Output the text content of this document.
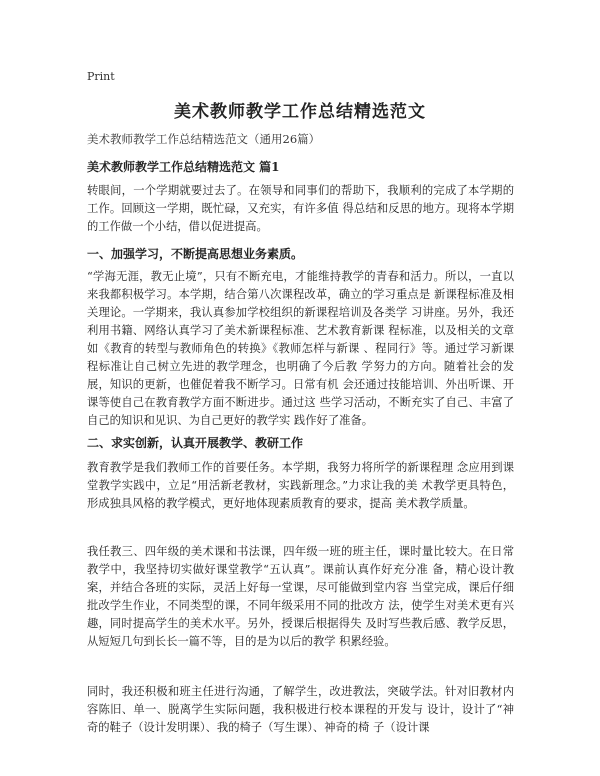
Print
美术教师教学工作总结精选范文
美术教师教学工作总结精选范文（通用26篇）
美术教师教学工作总结精选范文 篇1
转眼间，一个学期就要过去了。在领导和同事们的帮助下，我顺利的完成了本学期的工作。回顾这一学期，既忙碌，又充实，有许多值 得总结和反思的地方。现将本学期的工作做一个小结，借以促进提高。
一、加强学习，不断提高思想业务素质。
“学海无涯，教无止境”，只有不断充电，才能维持教学的青春和活力。所以，一直以来我都积极学习。本学期，结合第八次课程改革，确立的学习重点是 新课程标准及相关理论。一学期来，我认真参加学校组织的新课程培训及各类学 习讲座。另外，我还利用书籍、网络认真学习了美术新课程标准、艺术教育新课 程标准，以及相关的文章如《教育的转型与教师角色的转换》《教师怎样与新课 、程同行》等。通过学习新课程标准让自己树立先进的教学理念，也明确了今后教 学努力的方向。随着社会的发展，知识的更新，也催促着我不断学习。日常有机 会还通过技能培训、外出听课、开课等使自己在教育教学方面不断进步。通过这 些学习活动，不断充实了自己、丰富了自己的知识和见识、为自己更好的教学实 践作好了准备。
二、求实创新，认真开展教学、教研工作
教育教学是我们教师工作的首要任务。本学期，我努力将所学的新课程理 念应用到课堂教学实践中，立足“用活新老教材，实践新理念。”力求让我的美 术教学更具特色，形成独具风格的教学模式，更好地体现素质教育的要求，提高 美术教学质量。
我任教三、四年级的美术课和书法课，四年级一班的班主任，课时量比较大。在日常教学中，我坚持切实做好课堂教学“五认真”。课前认真作好充分准 备，精心设计教案，并结合各班的实际，灵活上好每一堂课，尽可能做到堂内容 当堂完成，课后仔细批改学生作业，不同类型的课，不同年级采用不同的批改方 法，使学生对美术更有兴趣，同时提高学生的美术水平。另外，授课后根据得失 及时写些教后感、教学反思，从短短几句到长长一篇不等，目的是为以后的教学 积累经验。
同时，我还积极和班主任进行沟通，了解学生，改进教法，突破学法。针对旧教材内容陈旧、单一、脱离学生实际问题，我积极进行校本课程的开发与 设计，设计了“神奇的鞋子（设计发明课）、我的椅子（写生课）、神奇的椅 子（设计课
